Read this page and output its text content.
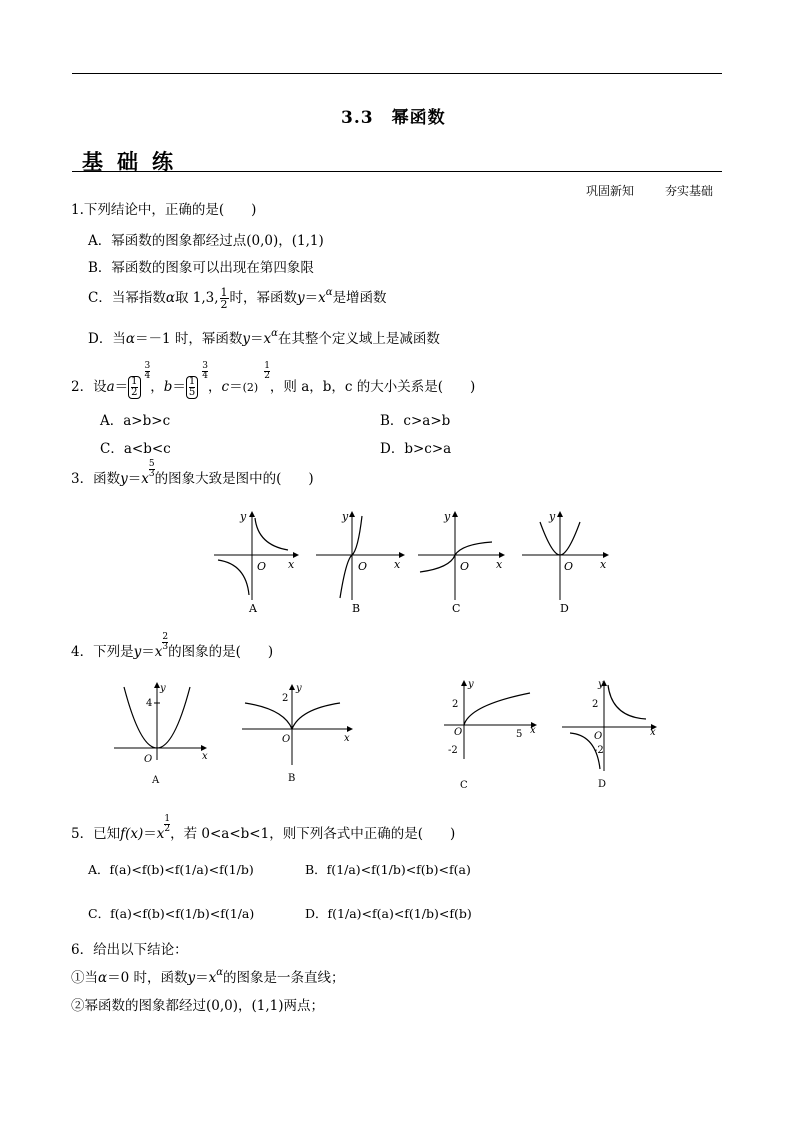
3.3　幂函数
基础练
巩固新知	夯实基础
1.下列结论中，正确的是(　　)
A．幂函数的图象都经过点(0,0)，(1,1)
B．幂函数的图象可以出现在第四象限
C．当幂指数α取 1,3, $\frac{1}{2}$ 时，幂函数$y=x^\alpha$是增函数
D．当α＝－1 时，幂函数$y=x^\alpha$在其整个定义域上是减函数
2．设$a= \frac{1}{2}$
$\frac{3}{4}$
，$b= \frac{1}{5}$
$\frac{3}{4}$
，c＝(2)
$\frac{1}{2}$
，则 a，b，c 的大小关系是(　　)
A．a>b>c	B．c>a>b
C．a<b<c	D．b>c>a
3．函数$y=x \frac{5}{3}$ 的图象大致是图中的(　　)
y
O x
A
y
O x
B
y
O x
C
y
O x
D
4．下列是$y=x \frac{2}{3}$ 的图象的是(　　)
4
y
O	x
A
2
y
O	x
B
2
-2
5
y
O	x
C
2
-2
y
O	x
D
5．已知$f(x)=x \frac{1}{2}$ ，若 0<a<b<1，则下列各式中正确的是(　　)
A．f(a)<f(b)<f(1/a)<f(1/b)	B．f(1/a)<f(1/b)<f(b)<f(a)
C．f(a)<f(b)<f(1/b)<f(1/a)	D．f(1/a)<f(a)<f(1/b)<f(b)
6．给出以下结论：
①当α＝0 时，函数$y=x^\alpha$的图象是一条直线；
②幂函数的图象都经过(0,0)，(1,1)两点；
